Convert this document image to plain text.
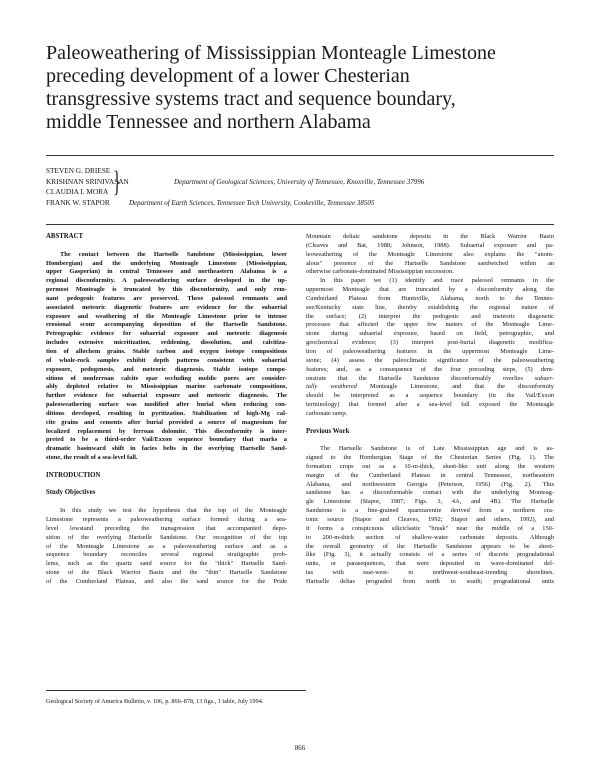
Paleoweathering of Mississippian Monteagle Limestone
preceding development of a lower Chesterian
transgressive systems tract and sequence boundary,
middle Tennessee and northern Alabama
STEVEN G. DRIESE
KRISHNAN SRINIVASAN
CLAUDIA I. MORA
Department of Geological Sciences, University of Tennessee, Knoxville, Tennessee 37996
FRANK W. STAPOR	Department of Earth Sciences, Tennessee Tech University, Cookeville, Tennessee 38505
}

ABSTRACT

The contact between the Hartselle Sandstone (Mississippian, lower
Hombergian) and the underlying Monteagle Limestone (Mississippian,
upper Gasperian) in central Tennessee and northeastern Alabama is a
regional disconformity. A paleoweathering surface developed in the up-
permost Monteagle is truncated by this disconformity, and only rem-
nant pedogenic features are preserved. These paleosol remnants and
associated meteoric diagenetic features are evidence for the subaerial
exposure and weathering of the Monteagle Limestone prior to intense
erosional scour accompanying deposition of the Hartselle Sandstone.
Petrographic evidence for subaerial exposure and meteoric diagenesis
includes extensive micritization, reddening, dissolution, and calcitiza-
tion of allochem grains. Stable carbon and oxygen isotope compositions
of whole-rock samples exhibit depth patterns consistent with subaerial
exposure, pedogenesis, and meteoric diagenesis. Stable isotope compo-
sitions of nonferroan calcite spar occluding moldic pores are consider-
ably depleted relative to Mississippian marine carbonate compositions,
further evidence for subaerial exposure and meteoric diagenesis. The
paleoweathering surface was modified after burial when reducing con-
ditions developed, resulting in pyritization. Stabilization of high-Mg cal-
cite grains and cements after burial provided a source of magnesium for
localized replacement by ferroan dolomite. This disconformity is inter-
preted to be a third-order Vail/Exxon sequence boundary that marks a
dramatic basinward shift in facies belts in the overlying Hartselle Sand-
stone, the result of a sea-level fall.

INTRODUCTION

Study Objectives

In this study we test the hypothesis that the top of the Monteagle
Limestone represents a paleoweathering surface formed during a sea-
level lowstand preceding the transgression that accompanied depo-
sition of the overlying Hartselle Sandstone. Our recognition of the top
of the Monteagle Limestone as a paleoweathering surface and as a
sequence boundary reconciles several regional stratigraphic prob-
lems, such as the quartz sand source for the "thick" Hartselle Sand-
stone of the Black Warrior Basin and the "thin" Hartselle Sandstone
of the Cumberland Plateau, and also the sand source for the Pride

Mountain deltaic sandstone deposits in the Black Warrior Basin
(Cleaves and Bat, 1988; Johnson, 1988). Subaerial exposure and pa-
leoweathering of the Monteagle Limestone also explains the "anom-
alous" presence of the Hartselle Sandstone sandwiched within an
otherwise carbonate-dominated Mississippian succession.

In this paper we (1) identify and trace paleosol remnants in the
uppermost Monteagle that are truncated by a disconformity along the
Cumberland Plateau from Huntsville, Alabama, north to the Tennes-
see/Kentucky state line, thereby establishing the regional nature of
the surface; (2) interpret the pedogenic and meteoric diagenetic
processes that affected the upper few meters of the Monteagle Lime-
stone during subaerial exposure, based on field, petrographic, and
geochemical evidence; (3) interpret post-burial diagenetic modifica-
tion of paleoweathering features in the uppermost Monteagle Lime-
stone; (4) assess the paleoclimatic significance of the paleoweathering
features; and, as a consequence of the four preceding steps, (5) dem-
onstrate that the Hartselle Sandstone disconformably overlies subaer-
ially weathered Monteagle Limestone, and that the disconformity
should be interpreted as a sequence boundary (in the Vail/Exxon
terminology) that formed after a sea-level fall exposed the Monteagle
carbonate ramp.

Previous Work

The Hartselle Sandstone is of Late Mississippian age and is as-
signed to the Hombergian Stage of the Chesterian Series (Fig. 1). The
formation crops out as a 10-m-thick, sheet-like unit along the western
margin of the Cumberland Plateau in central Tennessee, northeastern
Alabama, and northwestern Georgia (Peterson, 1956) (Fig. 2). This
sandstone has a disconformable contact with the underlying Monteag-
gle Limestone (Stapor, 1987; Figs. 3, 4A, and 4B). The Hartselle
Sandstone is a fine-grained quartzarenite derived from a northern cra-
tonic source (Stapor and Cleaves, 1992; Stapor and others, 1992), and
it forms a conspicuous siliciclastic "break" near the middle of a 150-
to 200-m-thick section of shallow-water carbonate deposits. Although
the overall geometry of the Hartselle Sandstone appears to be sheet-
like (Fig. 3), it actually consists of a series of discrete progradational
units, or parasequences, that were deposited in wave-dominated del-
tas with east-west- to northwest-southeast-trending shorelines.
Hartselle deltas prograded from north to south; progradational units

Geological Society of America Bulletin, v. 106, p. 866–878, 13 figs., 1 table, July 1994.
866
